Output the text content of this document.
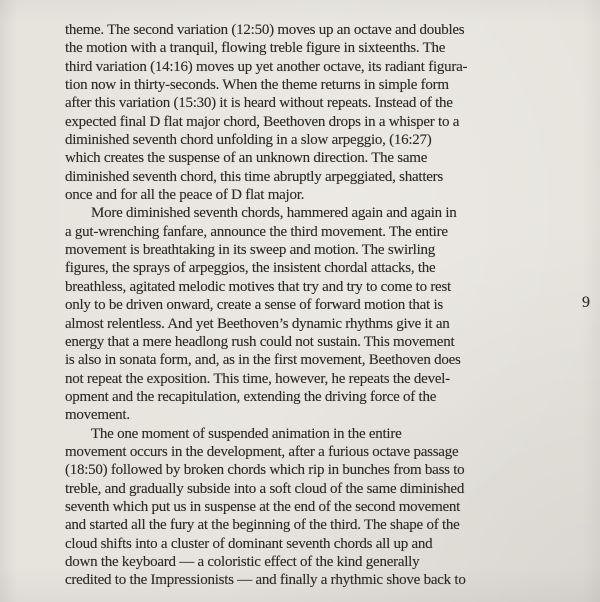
theme. The second variation (12:50) moves up an octave and doubles
the motion with a tranquil, flowing treble figure in sixteenths. The
third variation (14:16) moves up yet another octave, its radiant figura-
tion now in thirty-seconds. When the theme returns in simple form
after this variation (15:30) it is heard without repeats. Instead of the
expected final D flat major chord, Beethoven drops in a whisper to a
diminished seventh chord unfolding in a slow arpeggio, (16:27)
which creates the suspense of an unknown direction. The same
diminished seventh chord, this time abruptly arpeggiated, shatters
once and for all the peace of D flat major.
More diminished seventh chords, hammered again and again in
a gut-wrenching fanfare, announce the third movement. The entire
movement is breathtaking in its sweep and motion. The swirling
figures, the sprays of arpeggios, the insistent chordal attacks, the
breathless, agitated melodic motives that try and try to come to rest
only to be driven onward, create a sense of forward motion that is
almost relentless. And yet Beethoven’s dynamic rhythms give it an
energy that a mere headlong rush could not sustain. This movement
is also in sonata form, and, as in the first movement, Beethoven does
not repeat the exposition. This time, however, he repeats the devel-
opment and the recapitulation, extending the driving force of the
movement.
The one moment of suspended animation in the entire
movement occurs in the development, after a furious octave passage
(18:50) followed by broken chords which rip in bunches from bass to
treble, and gradually subside into a soft cloud of the same diminished
seventh which put us in suspense at the end of the second movement
and started all the fury at the beginning of the third. The shape of the
cloud shifts into a cluster of dominant seventh chords all up and
down the keyboard — a coloristic effect of the kind generally
credited to the Impressionists — and finally a rhythmic shove back to
9
